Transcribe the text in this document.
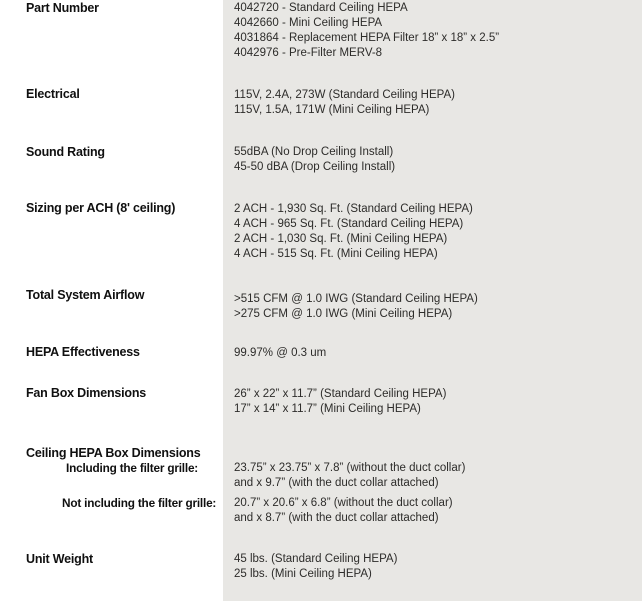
Part Number	4042720 - Standard Ceiling HEPA
4042660 - Mini Ceiling HEPA
4031864 - Replacement HEPA Filter 18” x 18” x 2.5”
4042976 - Pre-Filter MERV-8
Electrical	115V, 2.4A, 273W (Standard Ceiling HEPA)
115V, 1.5A, 171W (Mini Ceiling HEPA)
Sound Rating	55dBA (No Drop Ceiling Install)
45-50 dBA (Drop Ceiling Install)
Sizing per ACH (8' ceiling)	2 ACH - 1,930 Sq. Ft. (Standard Ceiling HEPA)
4 ACH - 965 Sq. Ft. (Standard Ceiling HEPA)
2 ACH - 1,030 Sq. Ft. (Mini Ceiling HEPA)
4 ACH - 515 Sq. Ft. (Mini Ceiling HEPA)
Total System Airflow	>515 CFM @ 1.0 IWG (Standard Ceiling HEPA)
>275 CFM @ 1.0 IWG (Mini Ceiling HEPA)
HEPA Effectiveness	99.97% @ 0.3 um
Fan Box Dimensions	26” x 22” x 11.7” (Standard Ceiling HEPA)
17” x 14” x 11.7” (Mini Ceiling HEPA)
Ceiling HEPA Box Dimensions
Including the filter grille:	23.75” x 23.75” x 7.8” (without the duct collar)
and x 9.7” (with the duct collar attached)
Not including the filter grille: 20.7” x 20.6” x 6.8” (without the duct collar)
and x 8.7” (with the duct collar attached)
Unit Weight	45 lbs. (Standard Ceiling HEPA)
25 lbs. (Mini Ceiling HEPA)
